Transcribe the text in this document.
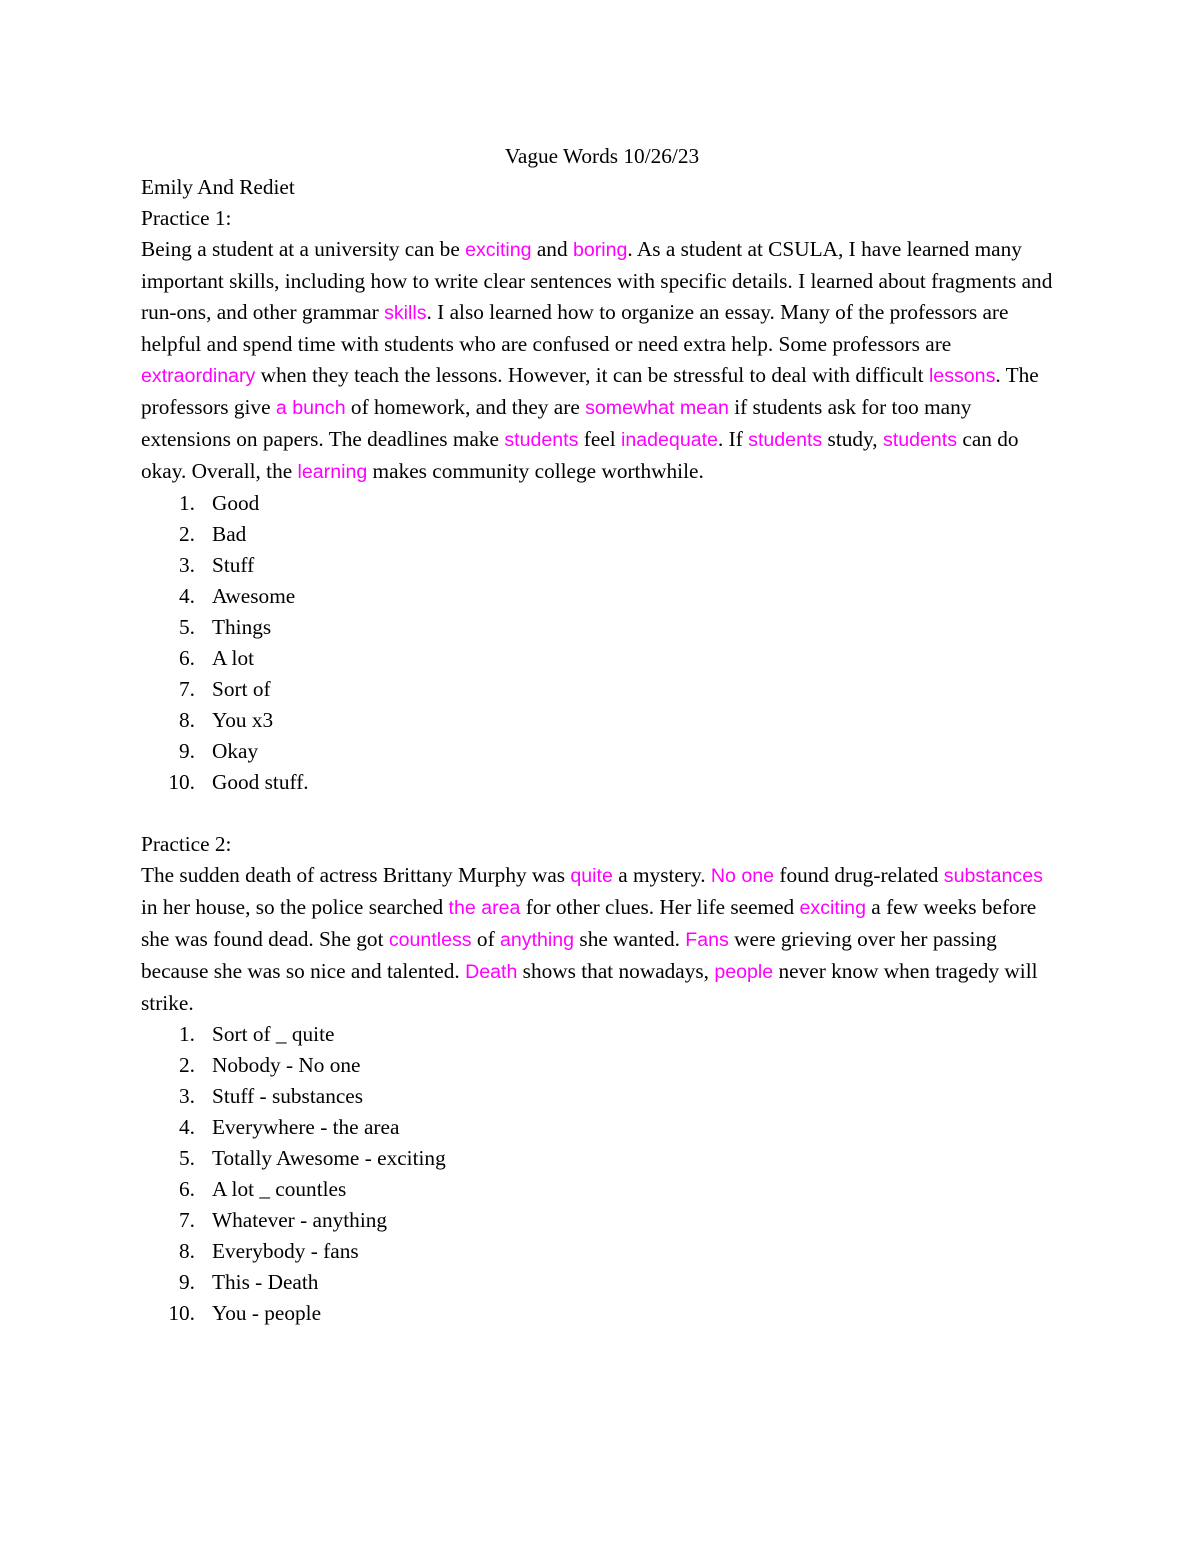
Vague Words 10/26/23

Emily And Rediet

Practice 1:

Being a student at a university can be exciting and boring. As a student at CSULA, I have learned many important skills, including how to write clear sentences with specific details. I learned about fragments and run-ons, and other grammar skills. I also learned how to organize an essay. Many of the professors are helpful and spend time with students who are confused or need extra help. Some professors are extraordinary when they teach the lessons. However, it can be stressful to deal with difficult lessons. The professors give a bunch of homework, and they are somewhat mean if students ask for too many extensions on papers. The deadlines make students feel inadequate. If students study, students can do okay. Overall, the learning makes community college worthwhile.

1. Good
2. Bad
3. Stuff
4. Awesome
5. Things
6. A lot
7. Sort of
8. You x3
9. Okay
10. Good stuff.

Practice 2:

The sudden death of actress Brittany Murphy was quite a mystery. No one found drug-related substances in her house, so the police searched the area for other clues. Her life seemed exciting a few weeks before she was found dead. She got countless of anything she wanted. Fans were grieving over her passing because she was so nice and talented. Death shows that nowadays, people never know when tragedy will strike.

1. Sort of _ quite
2. Nobody - No one
3. Stuff - substances
4. Everywhere - the area
5. Totally Awesome - exciting
6. A lot _ countles
7. Whatever - anything
8. Everybody - fans
9. This - Death
10. You - people
